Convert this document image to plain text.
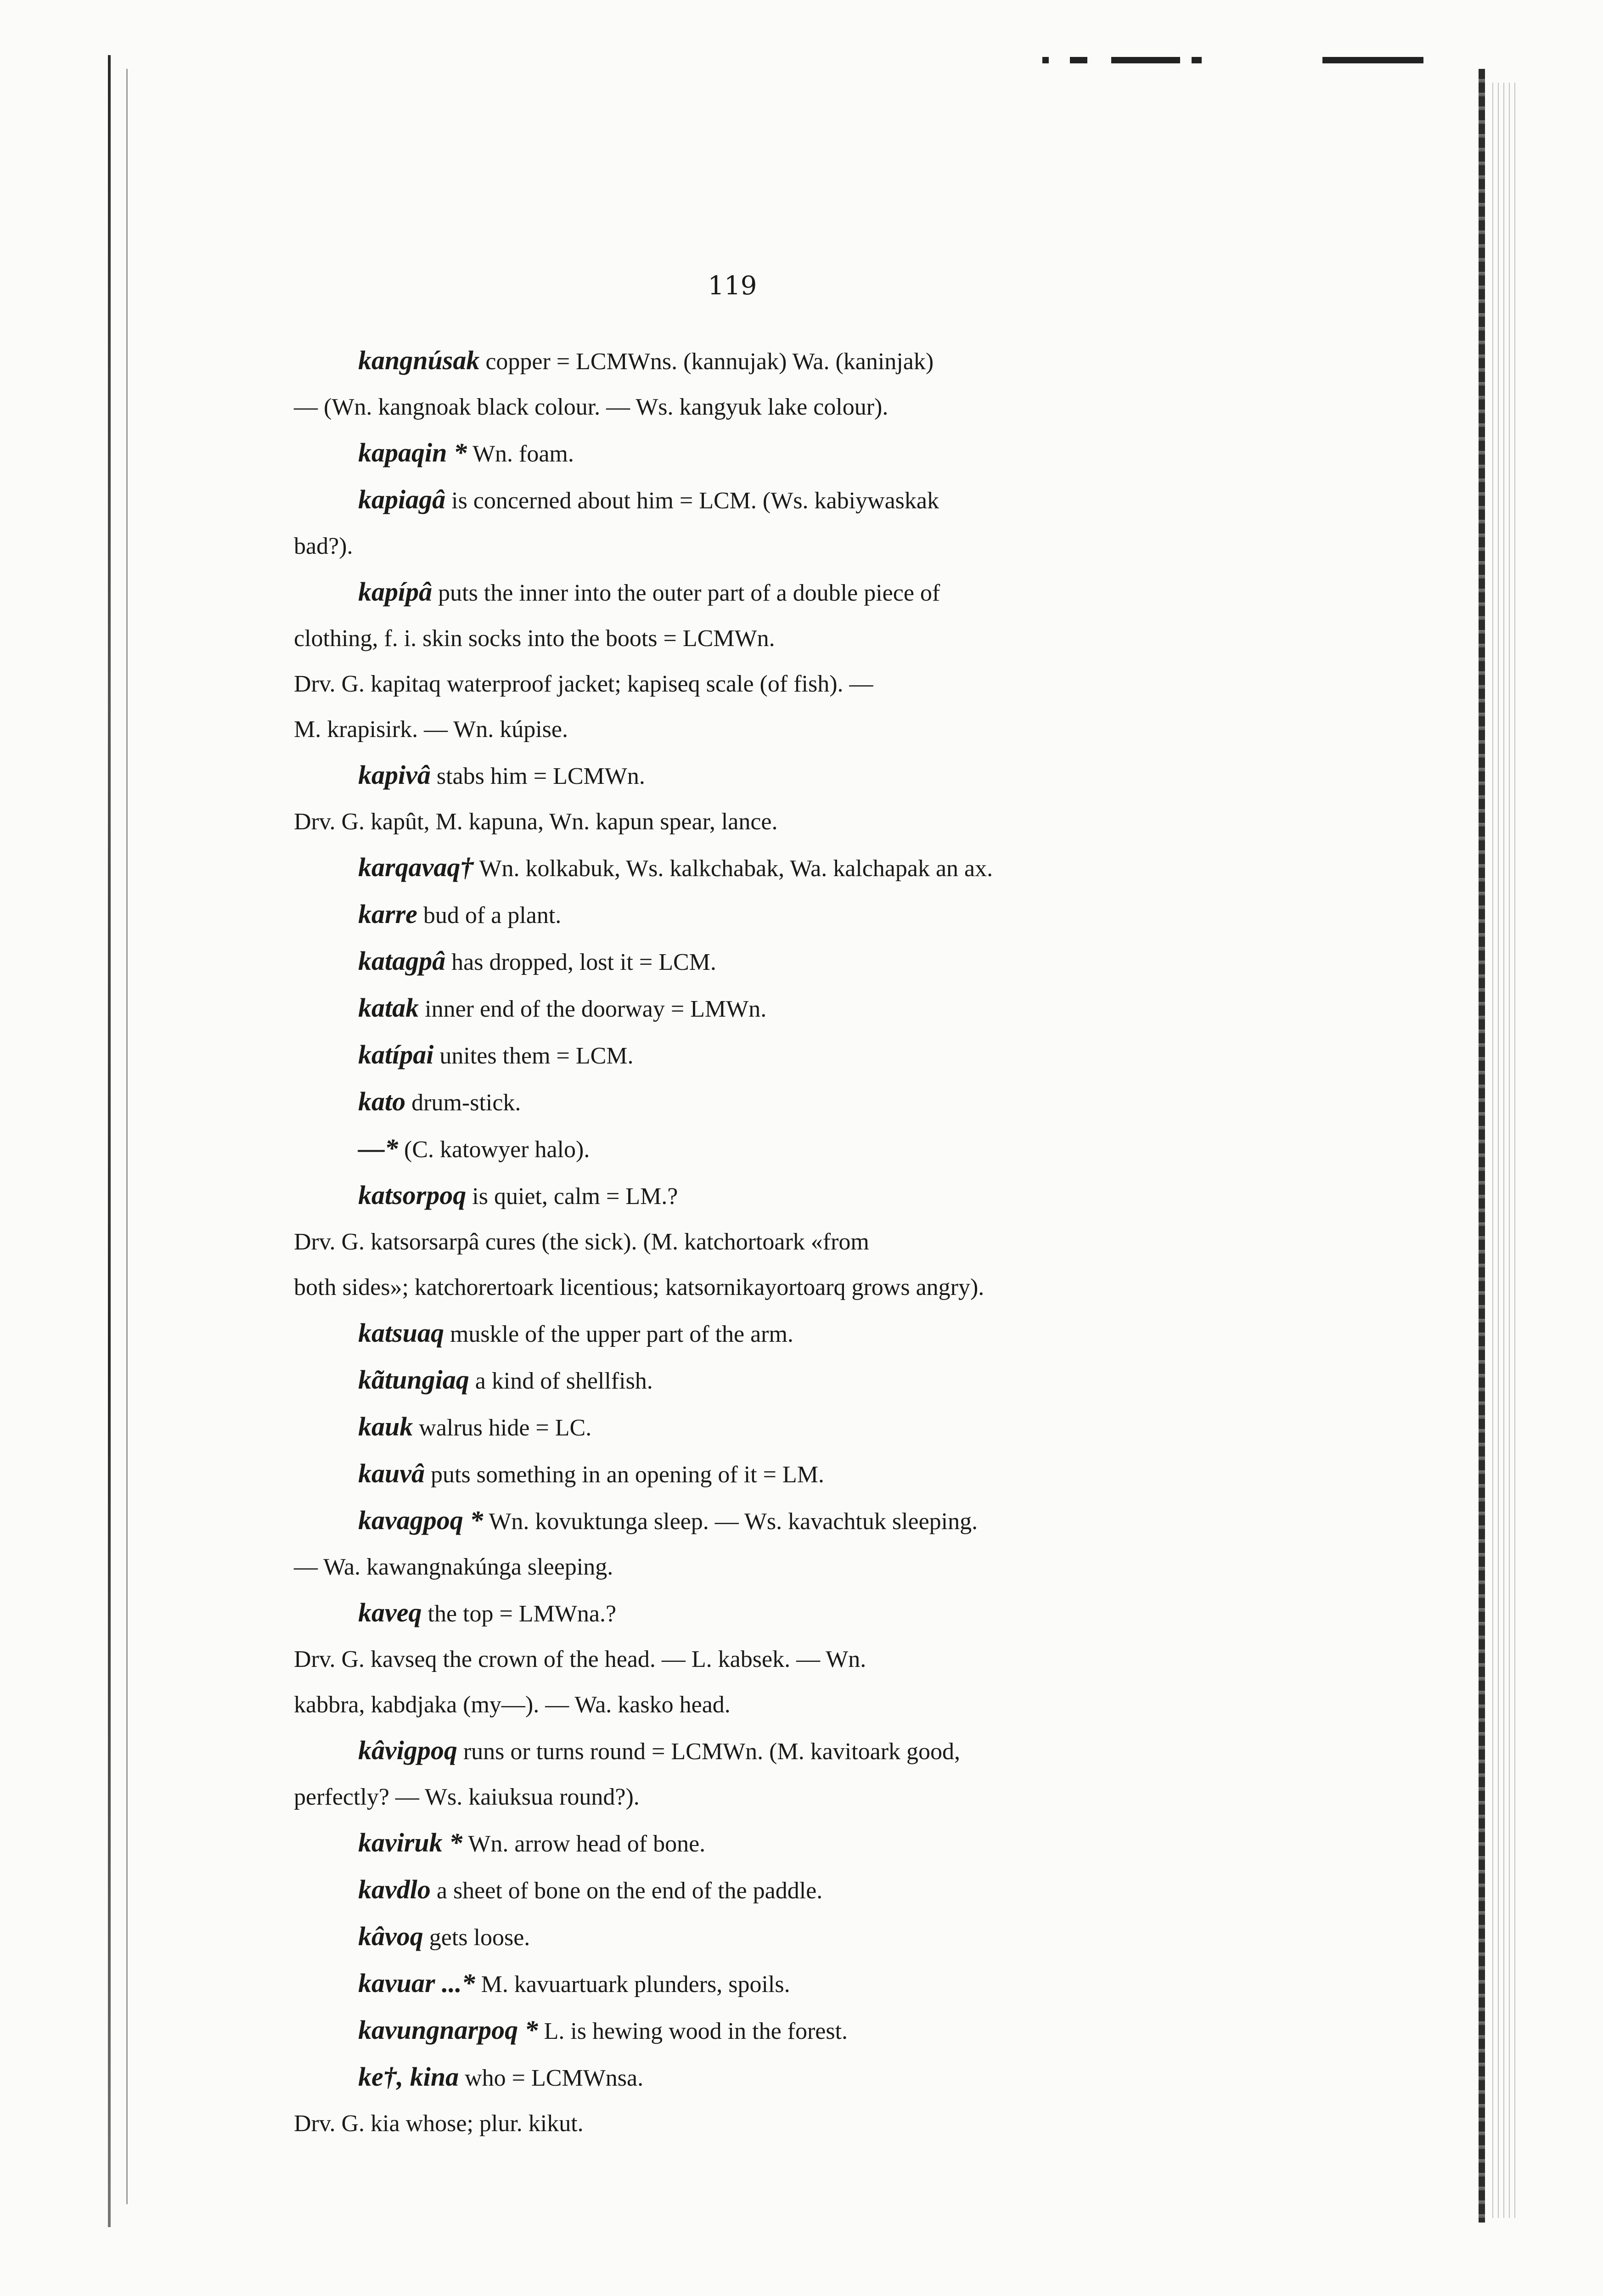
119
kangnúsak copper = LCMWns. (kannujak) Wa. (kaninjak)
— (Wn. kangnoak black colour. — Ws. kangyuk lake colour).
kapaqin * Wn. foam.
kapiagâ is concerned about him = LCM. (Ws. kabiywaskak
bad?).
kapípâ puts the inner into the outer part of a double piece of
clothing, f. i. skin socks into the boots = LCMWn.
Drv. G. kapitaq waterproof jacket; kapiseq scale (of fish). —
M. krapisirk. — Wn. kúpise.
kapivâ stabs him = LCMWn.
Drv. G. kapût, M. kapuna, Wn. kapun spear, lance.
karqavaq† Wn. kolkabuk, Ws. kalkchabak, Wa. kalchapak an ax.
karre bud of a plant.
katagpâ has dropped, lost it = LCM.
katak inner end of the doorway = LMWn.
katípai unites them = LCM.
kato drum-stick.
—* (C. katowyer halo).
katsorpoq is quiet, calm = LM.?
Drv. G. katsorsarpâ cures (the sick). (M. katchortoark «from
both sides»; katchorertoark licentious; katsornikayortoarq grows angry).
katsuaq muskle of the upper part of the arm.
kãtungiaq a kind of shellfish.
kauk walrus hide = LC.
kauvâ puts something in an opening of it = LM.
kavagpoq * Wn. kovuktunga sleep. — Ws. kavachtuk sleeping.
— Wa. kawangnakúnga sleeping.
kaveq the top = LMWna.?
Drv. G. kavseq the crown of the head. — L. kabsek. — Wn.
kabbra, kabdjaka (my—). — Wa. kasko head.
kâvigpoq runs or turns round = LCMWn. (M. kavitoark good,
perfectly? — Ws. kaiuksua round?).
kaviruk * Wn. arrow head of bone.
kavdlo a sheet of bone on the end of the paddle.
kâvoq gets loose.
kavuar ...* M. kavuartuark plunders, spoils.
kavungnarpoq * L. is hewing wood in the forest.
ke†, kina who = LCMWnsa.
Drv. G. kia whose; plur. kikut.
